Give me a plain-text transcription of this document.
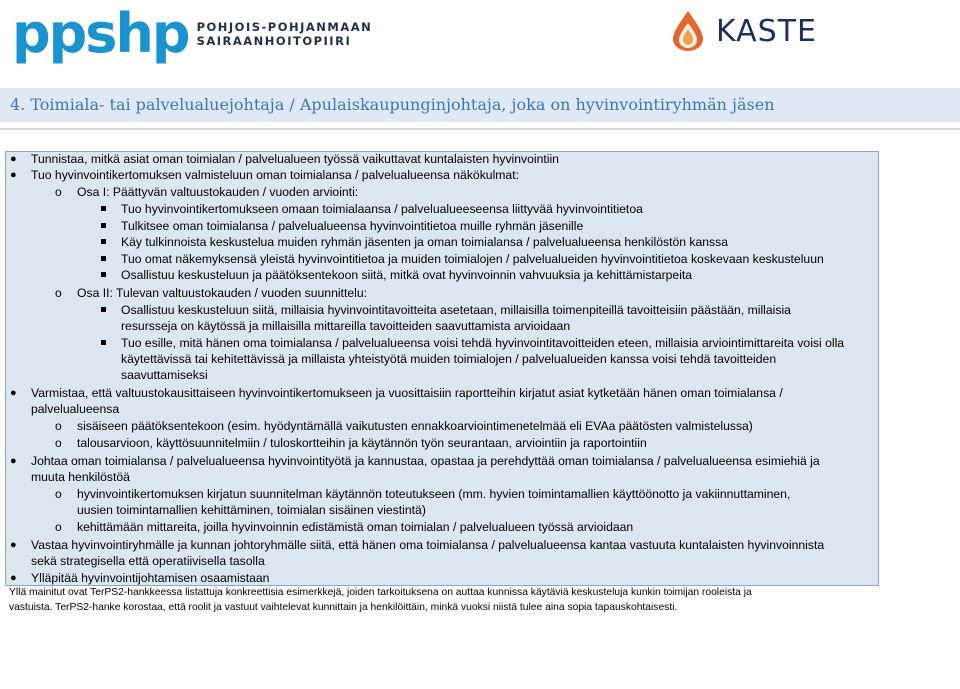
ppshp POHJOIS-POHJANMAAN
SAIRAANHOITOPIIRI	KASTE
4. Toimiala- tai palvelualuejohtaja / Apulaiskaupunginjohtaja, joka on hyvinvointiryhmän jäsen
● Tunnistaa, mitkä asiat oman toimialan / palvelualueen työssä vaikuttavat kuntalaisten hyvinvointiin
● Tuo hyvinvointikertomuksen valmisteluun oman toimialansa / palvelualueensa näkökulmat:
o Osa I: Päättyvän valtuustokauden / vuoden arviointi:
Tuo hyvinvointikertomukseen omaan toimialaansa / palvelualueeseensa liittyvää hyvinvointitietoa
Tulkitsee oman toimialansa / palvelualueensa hyvinvointitietoa muille ryhmän jäsenille
Käy tulkinnoista keskustelua muiden ryhmän jäsenten ja oman toimialansa / palvelualueensa henkilöstön kanssa
Tuo omat näkemyksensä yleistä hyvinvointitietoa ja muiden toimialojen / palvelualueiden hyvinvointitietoa koskevaan keskusteluun
Osallistuu keskusteluun ja päätöksentekoon siitä, mitkä ovat hyvinvoinnin vahvuuksia ja kehittämistarpeita
o Osa II: Tulevan valtuustokauden / vuoden suunnittelu:
Osallistuu keskusteluun siitä, millaisia hyvinvointitavoitteita asetetaan, millaisilla toimenpiteillä tavoitteisiin päästään, millaisia
resursseja on käytössä ja millaisilla mittareilla tavoitteiden saavuttamista arvioidaan
Tuo esille, mitä hänen oma toimialansa / palvelualueensa voisi tehdä hyvinvointitavoitteiden eteen, millaisia arviointimittareita voisi olla
käytettävissä tai kehitettävissä ja millaista yhteistyötä muiden toimialojen / palvelualueiden kanssa voisi tehdä tavoitteiden
saavuttamiseksi
● Varmistaa, että valtuustokausittaiseen hyvinvointikertomukseen ja vuosittaisiin raportteihin kirjatut asiat kytketään hänen oman toimialansa /
palvelualueensa
o sisäiseen päätöksentekoon (esim. hyödyntämällä vaikutusten ennakkoarviointimenetelmää eli EVAa päätösten valmistelussa)
o talousarvioon, käyttösuunnitelmiin / tuloskortteihin ja käytännön työn seurantaan, arviointiin ja raportointiin
● Johtaa oman toimialansa / palvelualueensa hyvinvointityötä ja kannustaa, opastaa ja perehdyttää oman toimialansa / palvelualueensa esimiehiä ja
muuta henkilöstöä
o hyvinvointikertomuksen kirjatun suunnitelman käytännön toteutukseen (mm. hyvien toimintamallien käyttöönotto ja vakiinnuttaminen,
uusien toimintamallien kehittäminen, toimialan sisäinen viestintä)
o kehittämään mittareita, joilla hyvinvoinnin edistämistä oman toimialan / palvelualueen työssä arvioidaan
● Vastaa hyvinvointiryhmälle ja kunnan johtoryhmälle siitä, että hänen oma toimialansa / palvelualueensa kantaa vastuuta kuntalaisten hyvinvoinnista
sekä strategisella että operatiivisella tasolla
● Ylläpitää hyvinvointijohtamisen osaamistaan
Yllä mainitut ovat TerPS2-hankkeessa listattuja konkreettisia esimerkkejä, joiden tarkoituksena on auttaa kunnissa käytäviä keskusteluja kunkin toimijan rooleista ja
vastuista. TerPS2-hanke korostaa, että roolit ja vastuut vaihtelevat kunnittain ja henkilöittäin, minkä vuoksi niistä tulee aina sopia tapauskohtaisesti.	8
